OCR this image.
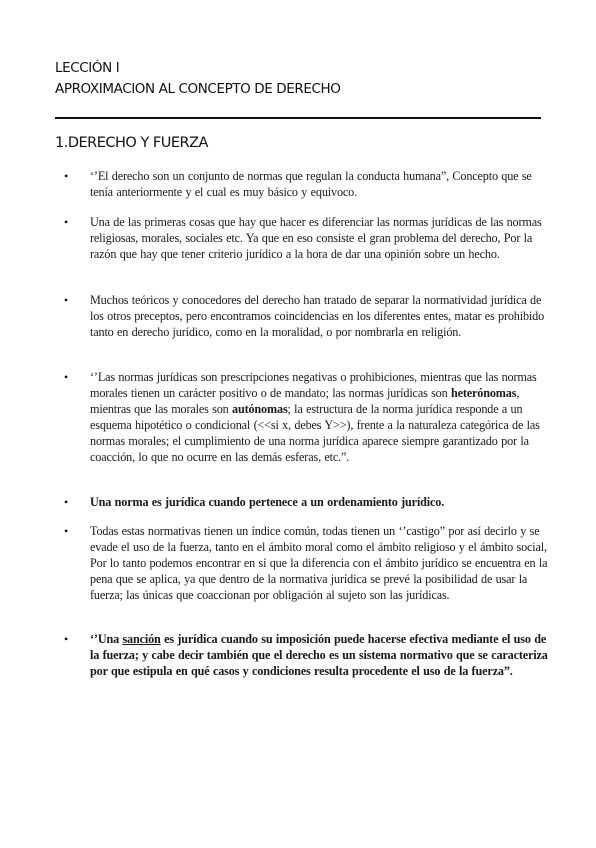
LECCIÓN I
APROXIMACION AL CONCEPTO DE DERECHO
1.DERECHO Y FUERZA
• ‘’El derecho son un conjunto de normas que regulan la conducta humana”, Concepto que se tenía anteriormente y el cual es muy básico y equivoco.
• Una de las primeras cosas que hay que hacer es diferenciar las normas jurídicas de las normas religiosas, morales, sociales etc. Ya que en eso consiste el gran problema del derecho, Por la razón que hay que tener criterio jurídico a la hora de dar una opinión sobre un hecho.
• Muchos teóricos y conocedores del derecho han tratado de separar la normatividad jurídica de los otros preceptos, pero encontramos coincidencias en los diferentes entes, matar es prohibido tanto en derecho jurídico, como en la moralidad, o por nombrarla en religión.
• ‘’Las normas jurídicas son prescripciones negativas o prohibiciones, mientras que las normas morales tienen un carácter positivo o de mandato; las normas jurídicas son heterónomas, mientras que las morales son autónomas; la estructura de la norma jurídica responde a un esquema hipotético o condicional (<<si x, debes Y>>), frente a la naturaleza categórica de las normas morales; el cumplimiento de una norma jurídica aparece siempre garantizado por la coacción, lo que no ocurre en las demás esferas, etc.”.
• Una norma es jurídica cuando pertenece a un ordenamiento jurídico.
• Todas estas normativas tienen un índice común, todas tienen un ‘’castigo” por así decirlo y se evade el uso de la fuerza, tanto en el ámbito moral como el ámbito religioso y el ámbito social, Por lo tanto podemos encontrar en sí que la diferencia con el ámbito jurídico se encuentra en la pena que se aplica, ya que dentro de la normativa jurídica se prevé la posibilidad de usar la fuerza; las únicas que coaccionan por obligación al sujeto son las jurídicas.
• ‘’Una sanción es jurídica cuando su imposición puede hacerse efectiva mediante el uso de la fuerza; y cabe decir también que el derecho es un sistema normativo que se caracteriza por que estipula en qué casos y condiciones resulta procedente el uso de la fuerza”.
